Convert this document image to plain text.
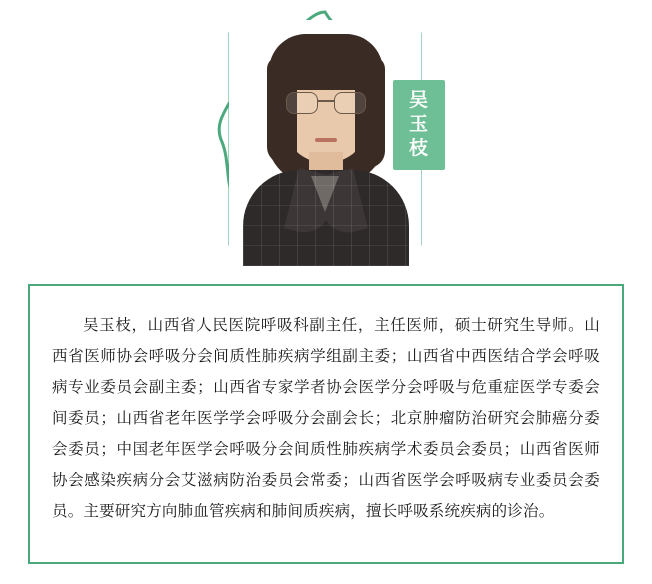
吴
玉
枝
吴玉枝，山西省人民医院呼吸科副主任，主任医师，硕士研究生导师。山西省医师协会呼吸分会间质性肺疾病学组副主委；山西省中西医结合学会呼吸病专业委员会副主委；山西省专家学者协会医学分会呼吸与危重症医学专委会间委员；山西省老年医学学会呼吸分会副会长；北京肿瘤防治研究会肺癌分委会委员；中国老年医学会呼吸分会间质性肺疾病学术委员会委员；山西省医师协会感染疾病分会艾滋病防治委员会常委；山西省医学会呼吸病专业委员会委员。主要研究方向肺血管疾病和肺间质疾病，擅长呼吸系统疾病的诊治。
